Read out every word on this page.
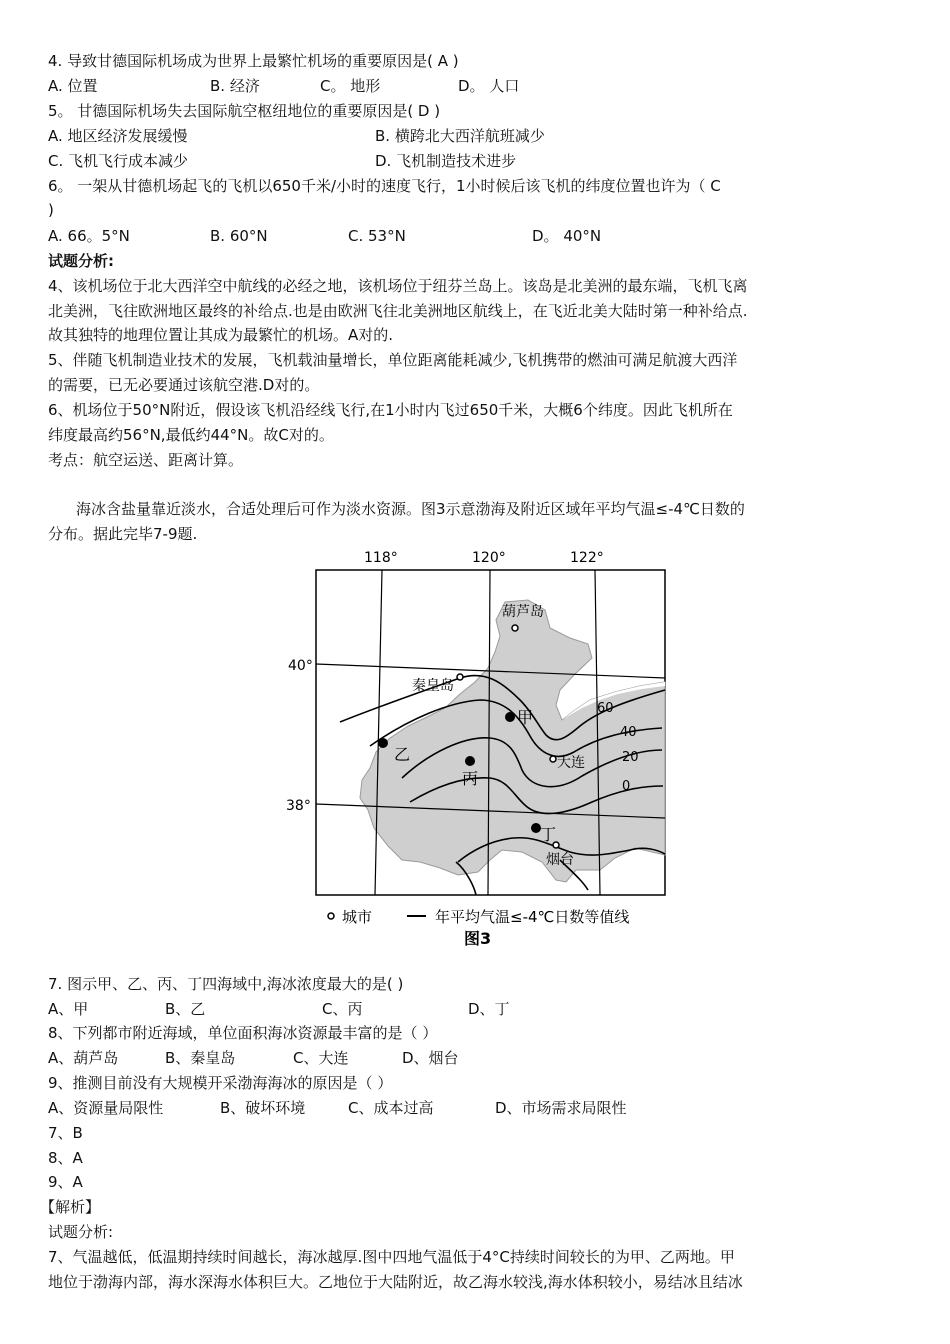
4. 导致甘德国际机场成为世界上最繁忙机场的重要原因是( A )
A. 位置	B. 经济	C。 地形	D。 人口
5。 甘德国际机场失去国际航空枢纽地位的重要原因是( D )
A. 地区经济发展缓慢	B. 横跨北大西洋航班减少
C. 飞机飞行成本减少	D. 飞机制造技术进步
6。 一架从甘德机场起飞的飞机以650千米/小时的速度飞行，1小时候后该飞机的纬度位置也许为（ C
)
A. 66。5°N	B. 60°N	C. 53°N	D。 40°N
试题分析:
4、该机场位于北大西洋空中航线的必经之地，该机场位于纽芬兰岛上。该岛是北美洲的最东端，飞机飞离
北美洲，飞往欧洲地区最终的补给点.也是由欧洲飞往北美洲地区航线上，在飞近北美大陆时第一种补给点.
故其独特的地理位置让其成为最繁忙的机场。A对的.
5、伴随飞机制造业技术的发展，飞机载油量增长，单位距离能耗减少,飞机携带的燃油可满足航渡大西洋
的需要，已无必要通过该航空港.D对的。
6、机场位于50°N附近，假设该飞机沿经线飞行,在1小时内飞过650千米，大概6个纬度。因此飞机所在
纬度最高约56°N,最低约44°N。故C对的。
考点：航空运送、距离计算。
海冰含盐量靠近淡水，合适处理后可作为淡水资源。图3示意渤海及附近区域年平均气温≤-4℃日数的
分布。据此完毕7-9题.
118°	120°	122°
40°
38°
葫芦岛
秦皇岛
大连
烟台
甲
乙
丙
丁
60
40
20
0
城市	年平均气温≤-4℃日数等值线
图3
7. 图示甲、乙、丙、丁四海域中,海冰浓度最大的是( )
A、甲	B、乙	C、丙	D、丁
8、下列都市附近海域，单位面积海冰资源最丰富的是（ ）
A、葫芦岛	B、秦皇岛	C、大连	D、烟台
9、推测目前没有大规模开采渤海海冰的原因是（ ）
A、资源量局限性	B、破坏环境	C、成本过高	D、市场需求局限性
7、B
8、A
9、A
【解析】
试题分析:
7、气温越低，低温期持续时间越长，海冰越厚.图中四地气温低于4°C持续时间较长的为甲、乙两地。甲
地位于渤海内部，海水深海水体积巨大。乙地位于大陆附近，故乙海水较浅,海水体积较小，易结冰且结冰
